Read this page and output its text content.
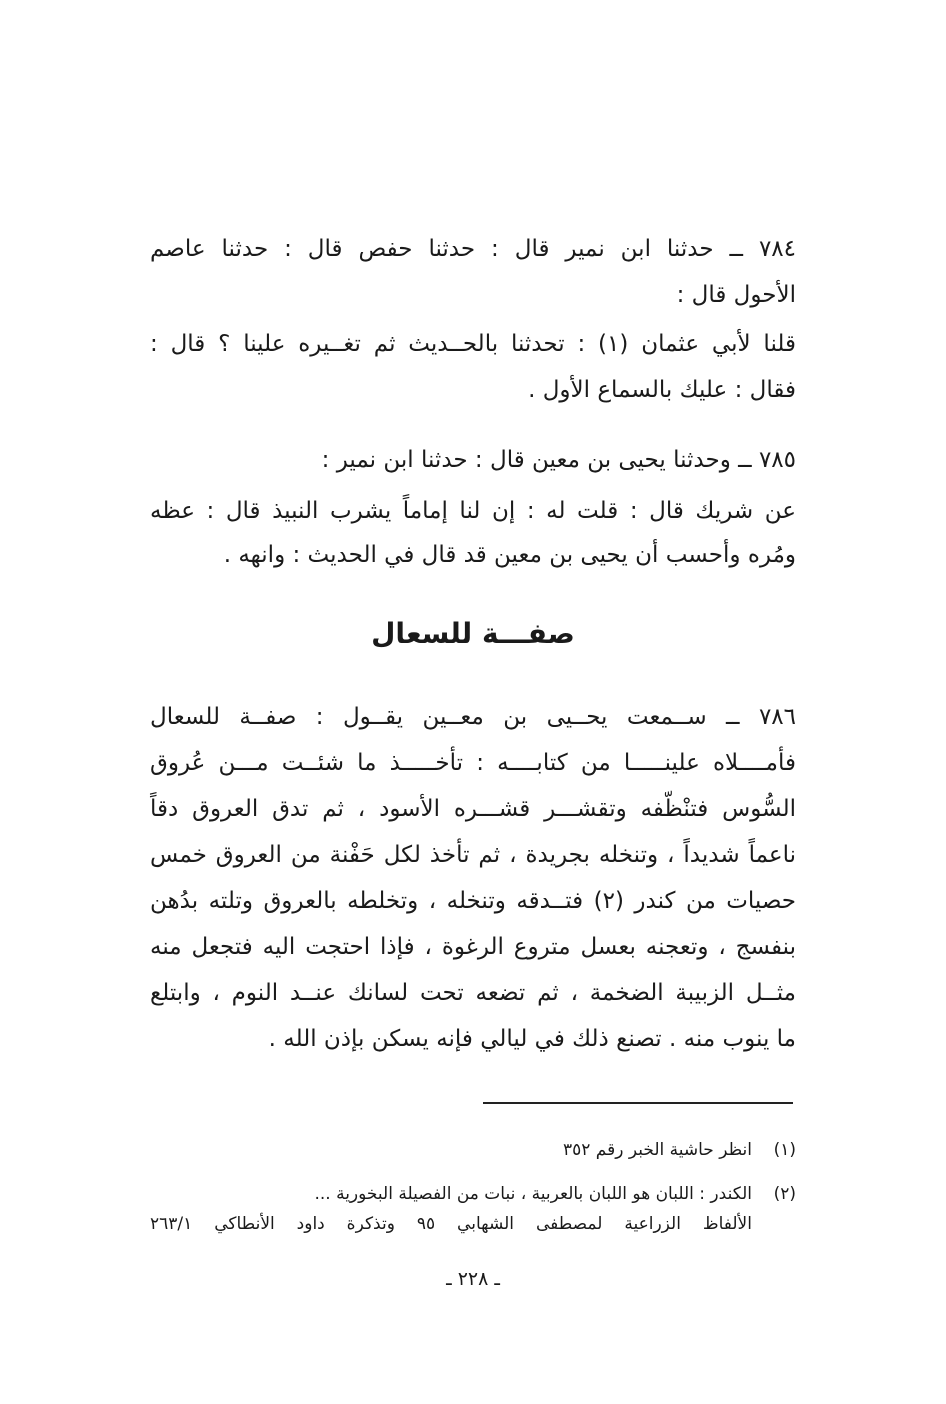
٧٨٤ ــ حدثنا ابن نمير قال : حدثنا حفص قال : حدثنا عاصم
الأحول قال :
قلنا لأبي عثمان (١) : تحدثنا بالحــديث ثم تغــيره علينا ؟ قال :
فقال : عليك بالسماع الأول .
٧٨٥ ــ وحدثنا يحيى بن معين قال : حدثنا ابن نمير :
عن شريك قال : قلت له : إن لنا إماماً يشرب النبيذ قال : عظه
ومُره وأحسب أن يحيى بن معين قد قال في الحديث : وانهه .
صفـــة للسعال
٧٨٦ ــ ســمعت يحــيى بن معــين يقــول : صفــة للسعال
فأمــــلاه علينـــــا من كتابــــه : تأخـــــذ ما شئــت مـــن عُروق
السُّوس فتنْظّفه وتقشـــر قشـــره الأسود ، ثم تدق العروق دقاً
ناعماً شديداً ، وتنخله بجريدة ، ثم تأخذ لكل حَفْنة من العروق خمس
حصيات من كندر (٢) فتــدقه وتنخله ، وتخلطه بالعروق وتلته بدُهن
بنفسج ، وتعجنه بعسل متروع الرغوة ، فإذا احتجت اليه فتجعل منه
مثــل الزبيبة الضخمة ، ثم تضعه تحت لسانك عنــد النوم ، وابتلع
ما ينوب منه . تصنع ذلك في ليالي فإنه يسكن بإذن الله .
(١)انظر حاشية الخبر رقم ٣٥٢
(٢)الكندر : اللبان هو اللبان بالعربية ، نبات من الفصيلة البخورية ...
الألفاظ الزراعية لمصطفى الشهابي ٩٥ وتذكرة داود الأنطاكي ٢٦٣/١
ـ ٢٢٨ ـ
